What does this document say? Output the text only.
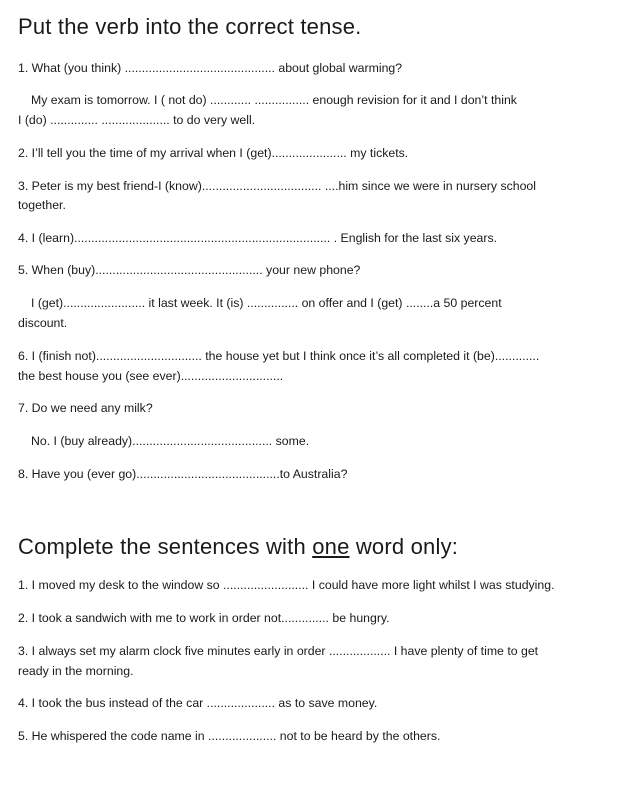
Put the verb into the correct tense.
1. What (you think) ............................................ about global warming?
My exam is tomorrow. I ( not do) ............ ................ enough revision for it and I don’t think
I (do) .............. .................... to do very well.
2. I’ll tell you the time of my arrival when I (get)...................... my tickets.
3. Peter is my best friend-I (know)................................... ....him since we were in nursery school
together.
4. I (learn)........................................................................... . English for the last six years.
5. When (buy)................................................. your new phone?
I (get)........................ it last week. It (is) ............... on offer and I (get) ........a 50 percent
discount.
6. I (finish not)............................... the house yet but I think once it’s all completed it (be).............
the best house you (see ever)..............................
7. Do we need any milk?
No. I (buy already)......................................... some.
8. Have you (ever go)..........................................to Australia?
Complete the sentences with one word only:
1. I moved my desk to the window so ......................... I could have more light whilst I was studying.
2. I took a sandwich with me to work in order not.............. be hungry.
3. I always set my alarm clock five minutes early in order .................. I have plenty of time to get
ready in the morning.
4. I took the bus instead of the car .................... as to save money.
5. He whispered the code name in .................... not to be heard by the others.
